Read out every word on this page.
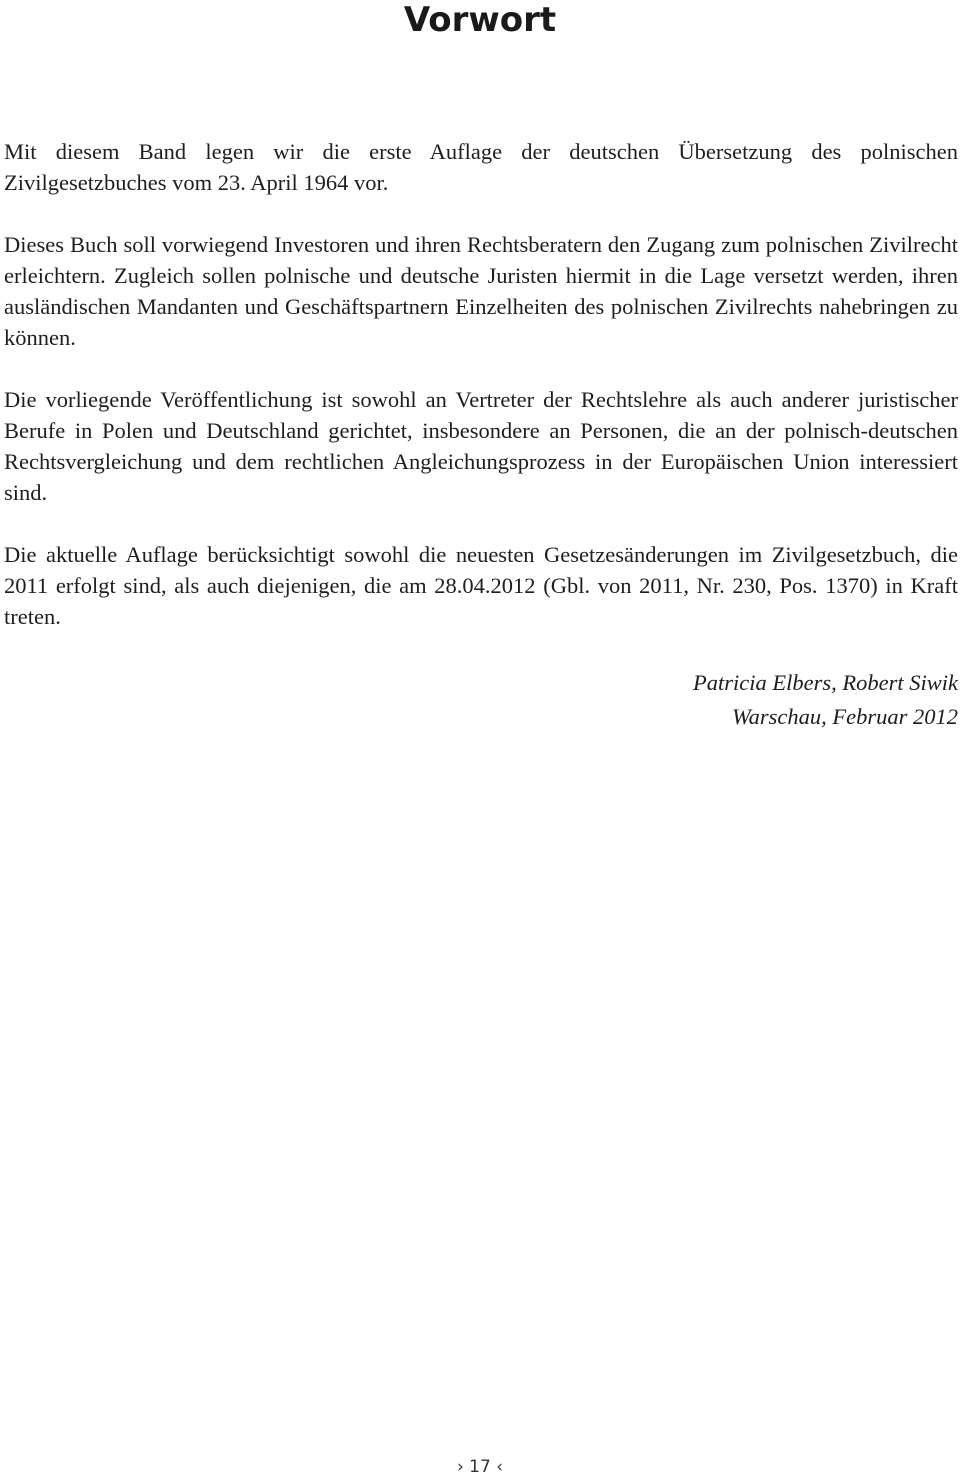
Vorwort

Mit diesem Band legen wir die erste Auflage der deutschen Übersetzung des polnischen Zivilgesetzbuches vom 23. April 1964 vor.

Dieses Buch soll vorwiegend Investoren und ihren Rechtsberatern den Zugang zum polnischen Zivilrecht erleichtern. Zugleich sollen polnische und deutsche Juristen hiermit in die Lage versetzt werden, ihren ausländischen Mandanten und Geschäftspartnern Einzelheiten des polnischen Zivilrechts nahebringen zu können.

Die vorliegende Veröffentlichung ist sowohl an Vertreter der Rechtslehre als auch anderer juristischer Berufe in Polen und Deutschland gerichtet, insbesondere an Personen, die an der polnisch-deutschen Rechtsvergleichung und dem rechtlichen Angleichungsprozess in der Europäischen Union interessiert sind.

Die aktuelle Auflage berücksichtigt sowohl die neuesten Gesetzesänderungen im Zivilgesetzbuch, die 2011 erfolgt sind, als auch diejenigen, die am 28.04.2012 (Gbl. von 2011, Nr. 230, Pos. 1370) in Kraft treten.

Patricia Elbers, Robert Siwik
Warschau, Februar 2012
› 17 ‹
